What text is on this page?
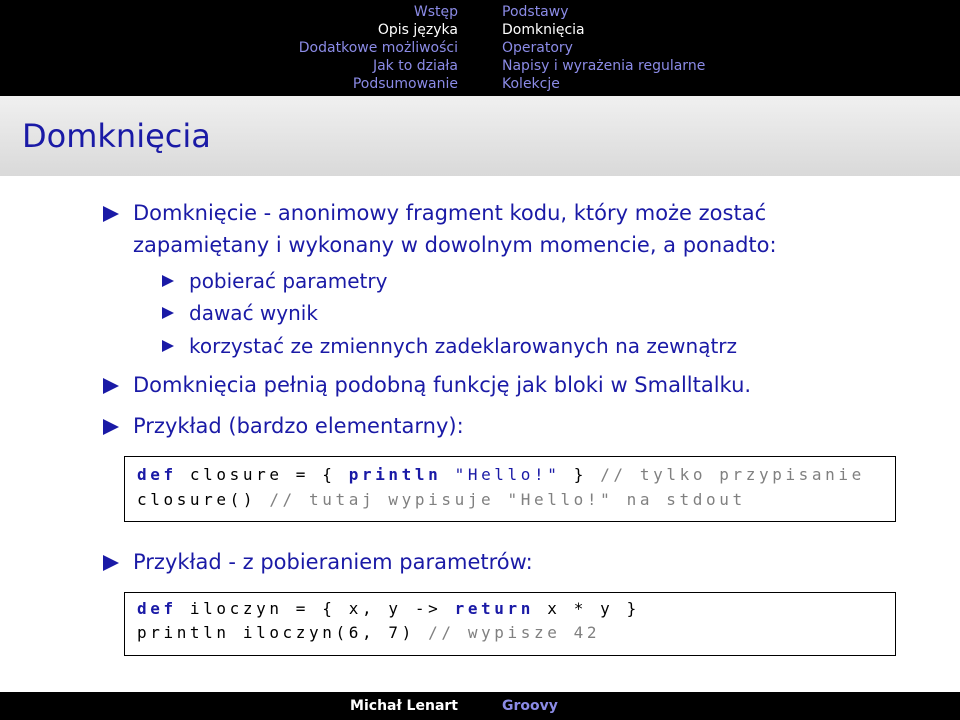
Wstęp
Opis języka
Dodatkowe możliwości
Jak to działa
Podsumowanie
Podstawy
Domknięcia
Operatory
Napisy i wyrażenia regularne
Kolekcje
Domknięcia
Domknięcie - anonimowy fragment kodu, który może zostać
zapamiętany i wykonany w dowolnym momencie, a ponadto:
pobierać parametry
dawać wynik
korzystać ze zmiennych zadeklarowanych na zewnątrz
Domknięcia pełnią podobną funkcję jak bloki w Smalltalku.
Przykład (bardzo elementarny):
def closure = { println "Hello!" } // tylko przypisanie
closure() // tutaj wypisuje "Hello!" na stdout
Przykład - z pobieraniem parametrów:
def iloczyn = { x, y -> return x * y }
println iloczyn(6, 7) // wypisze 42
Michał Lenart	Groovy
